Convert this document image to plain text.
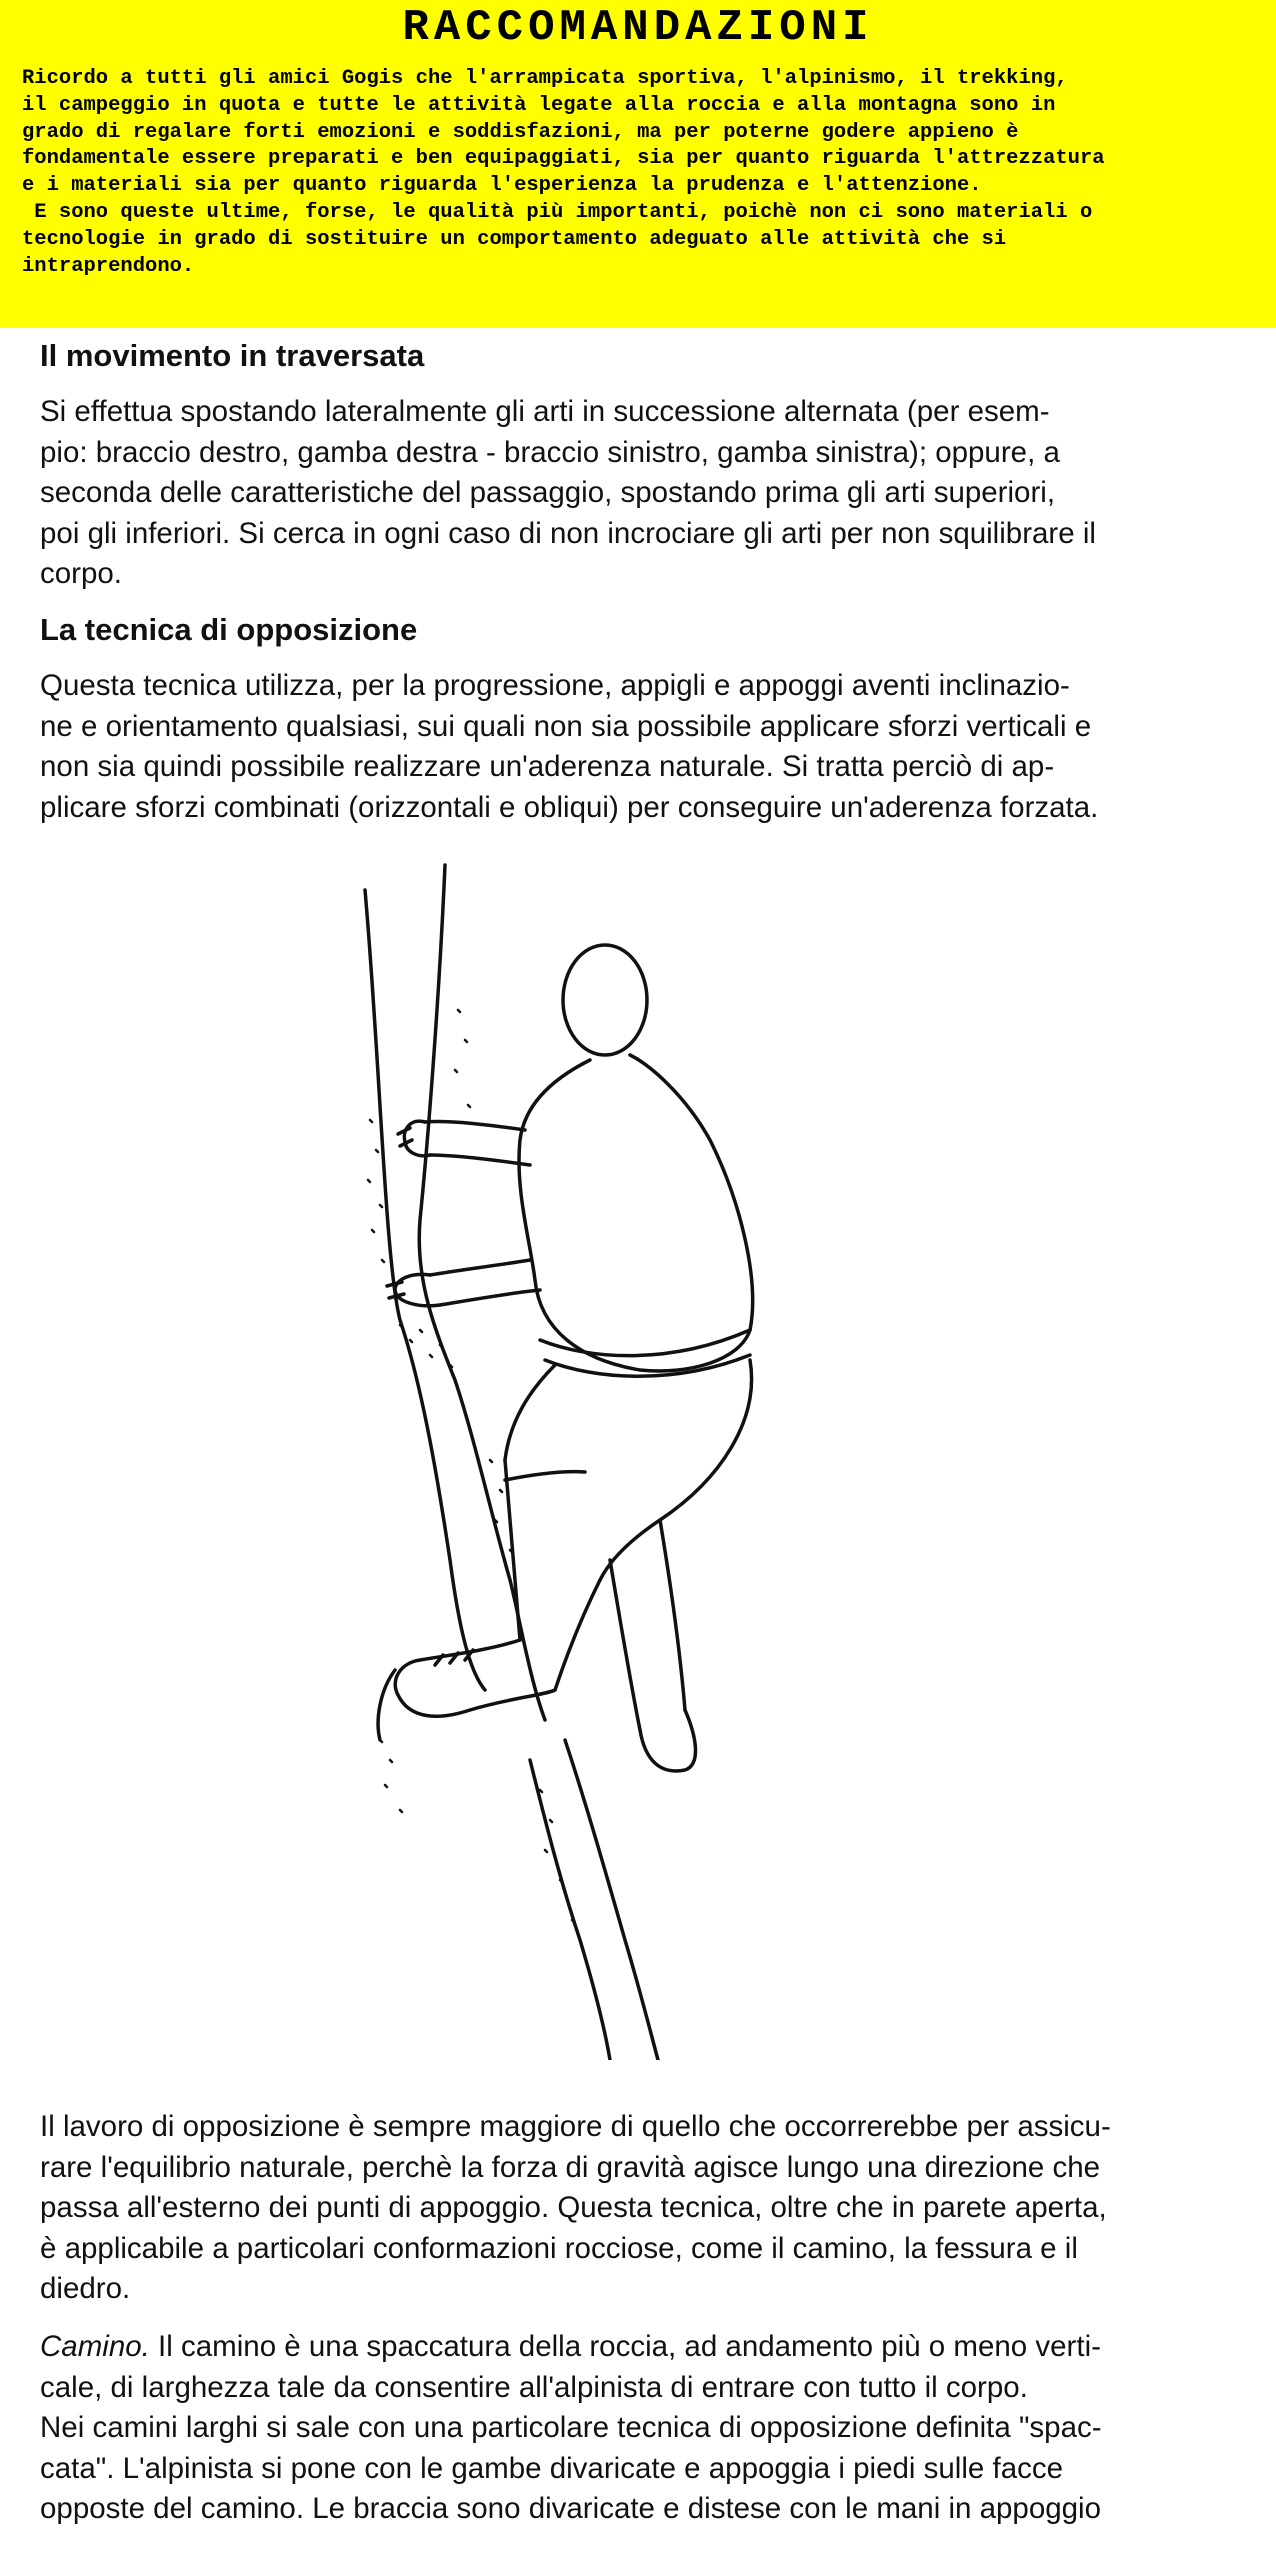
RACCOMANDAZIONI
Ricordo a tutti gli amici Gogis che l'arrampicata sportiva, l'alpinismo, il trekking,
il campeggio in quota e tutte le attività legate alla roccia e alla montagna sono in
grado di regalare forti emozioni e soddisfazioni, ma per poterne godere appieno è
fondamentale essere preparati e ben equipaggiati, sia per quanto riguarda l'attrezzatura
e i materiali sia per quanto riguarda l'esperienza la prudenza e l'attenzione.
E sono queste ultime, forse, le qualità più importanti, poichè non ci sono materiali o
tecnologie in grado di sostituire un comportamento adeguato alle attività che si
intraprendono.
Il movimento in traversata
Si effettua spostando lateralmente gli arti in successione alternata (per esem-
pio: braccio destro, gamba destra - braccio sinistro, gamba sinistra); oppure, a
seconda delle caratteristiche del passaggio, spostando prima gli arti superiori,
poi gli inferiori. Si cerca in ogni caso di non incrociare gli arti per non squilibrare il
corpo.
La tecnica di opposizione
Questa tecnica utilizza, per la progressione, appigli e appoggi aventi inclinazio-
ne e orientamento qualsiasi, sui quali non sia possibile applicare sforzi verticali e
non sia quindi possibile realizzare un'aderenza naturale. Si tratta perciò di ap-
plicare sforzi combinati (orizzontali e obliqui) per conseguire un'aderenza forzata.
Il lavoro di opposizione è sempre maggiore di quello che occorrerebbe per assicu-
rare l'equilibrio naturale, perchè la forza di gravità agisce lungo una direzione che
passa all'esterno dei punti di appoggio. Questa tecnica, oltre che in parete aperta,
è applicabile a particolari conformazioni rocciose, come il camino, la fessura e il
diedro.
Camino. Il camino è una spaccatura della roccia, ad andamento più o meno verti-
cale, di larghezza tale da consentire all'alpinista di entrare con tutto il corpo.
Nei camini larghi si sale con una particolare tecnica di opposizione definita "spac-
cata". L'alpinista si pone con le gambe divaricate e appoggia i piedi sulle facce
opposte del camino. Le braccia sono divaricate e distese con le mani in appoggio
